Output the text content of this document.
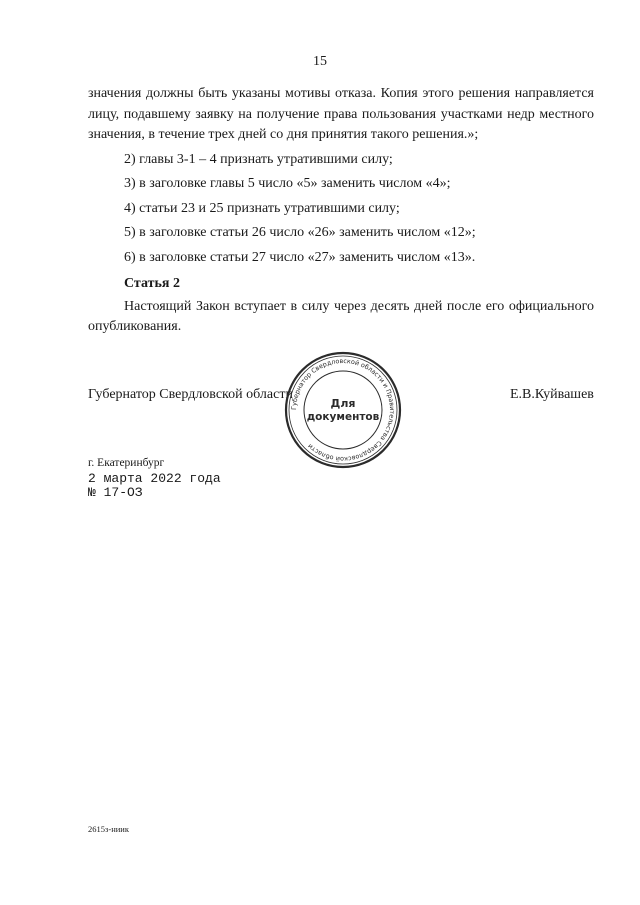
15

значения должны быть указаны мотивы отказа. Копия этого решения направляется лицу, подавшему заявку на получение права пользования участками недр местного значения, в течение трех дней со дня принятия такого решения.»;

2) главы 3-1 – 4 признать утратившими силу;

3) в заголовке главы 5 число «5» заменить числом «4»;

4) статьи 23 и 25 признать утратившими силу;

5) в заголовке статьи 26 число «26» заменить числом «12»;

6) в заголовке статьи 27 число «27» заменить числом «13».

Статья 2

Настоящий Закон вступает в силу через десять дней после его официального опубликования.

Губернатор Свердловской области	Е.В.Куйвашев
Губернатор Свердловской области и Правительства Свердловской области
Для
документов
г. Екатеринбург
2 марта 2022 года
№ 17-ОЗ
2615з-ниик
